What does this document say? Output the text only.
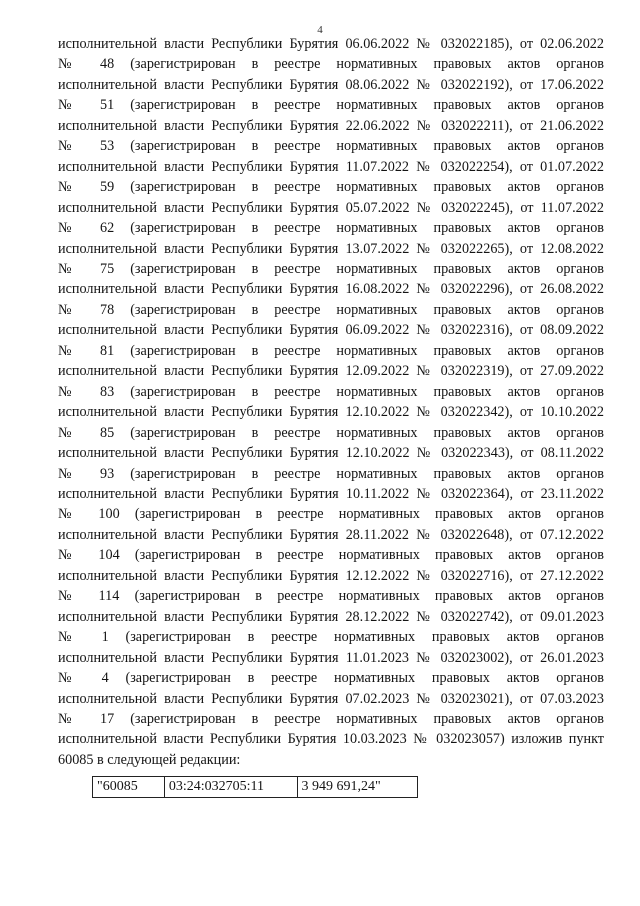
4
исполнительной власти Республики Бурятия 06.06.2022 № 032022185), от 02.06.2022
№ 48 (зарегистрирован в реестре нормативных правовых актов органов
исполнительной власти Республики Бурятия 08.06.2022 № 032022192), от 17.06.2022
№ 51 (зарегистрирован в реестре нормативных правовых актов органов
исполнительной власти Республики Бурятия 22.06.2022 № 032022211), от 21.06.2022
№ 53 (зарегистрирован в реестре нормативных правовых актов органов
исполнительной власти Республики Бурятия 11.07.2022 № 032022254), от 01.07.2022
№ 59 (зарегистрирован в реестре нормативных правовых актов органов
исполнительной власти Республики Бурятия 05.07.2022 № 032022245), от 11.07.2022
№ 62 (зарегистрирован в реестре нормативных правовых актов органов
исполнительной власти Республики Бурятия 13.07.2022 № 032022265), от 12.08.2022
№ 75 (зарегистрирован в реестре нормативных правовых актов органов
исполнительной власти Республики Бурятия 16.08.2022 № 032022296), от 26.08.2022
№ 78 (зарегистрирован в реестре нормативных правовых актов органов
исполнительной власти Республики Бурятия 06.09.2022 № 032022316), от 08.09.2022
№ 81 (зарегистрирован в реестре нормативных правовых актов органов
исполнительной власти Республики Бурятия 12.09.2022 № 032022319), от 27.09.2022
№ 83 (зарегистрирован в реестре нормативных правовых актов органов
исполнительной власти Республики Бурятия 12.10.2022 № 032022342), от 10.10.2022
№ 85 (зарегистрирован в реестре нормативных правовых актов органов
исполнительной власти Республики Бурятия 12.10.2022 № 032022343), от 08.11.2022
№ 93 (зарегистрирован в реестре нормативных правовых актов органов
исполнительной власти Республики Бурятия 10.11.2022 № 032022364), от 23.11.2022
№ 100 (зарегистрирован в реестре нормативных правовых актов органов
исполнительной власти Республики Бурятия 28.11.2022 № 032022648), от 07.12.2022
№ 104 (зарегистрирован в реестре нормативных правовых актов органов
исполнительной власти Республики Бурятия 12.12.2022 № 032022716), от 27.12.2022
№ 114 (зарегистрирован в реестре нормативных правовых актов органов
исполнительной власти Республики Бурятия 28.12.2022 № 032022742), от 09.01.2023
№ 1 (зарегистрирован в реестре нормативных правовых актов органов
исполнительной власти Республики Бурятия 11.01.2023 № 032023002), от 26.01.2023
№ 4 (зарегистрирован в реестре нормативных правовых актов органов
исполнительной власти Республики Бурятия 07.02.2023 № 032023021), от 07.03.2023
№ 17 (зарегистрирован в реестре нормативных правовых актов органов
исполнительной власти Республики Бурятия 10.03.2023 № 032023057) изложив пункт
60085 в следующей редакции:
"60085	03:24:032705:11	3 949 691,24"
